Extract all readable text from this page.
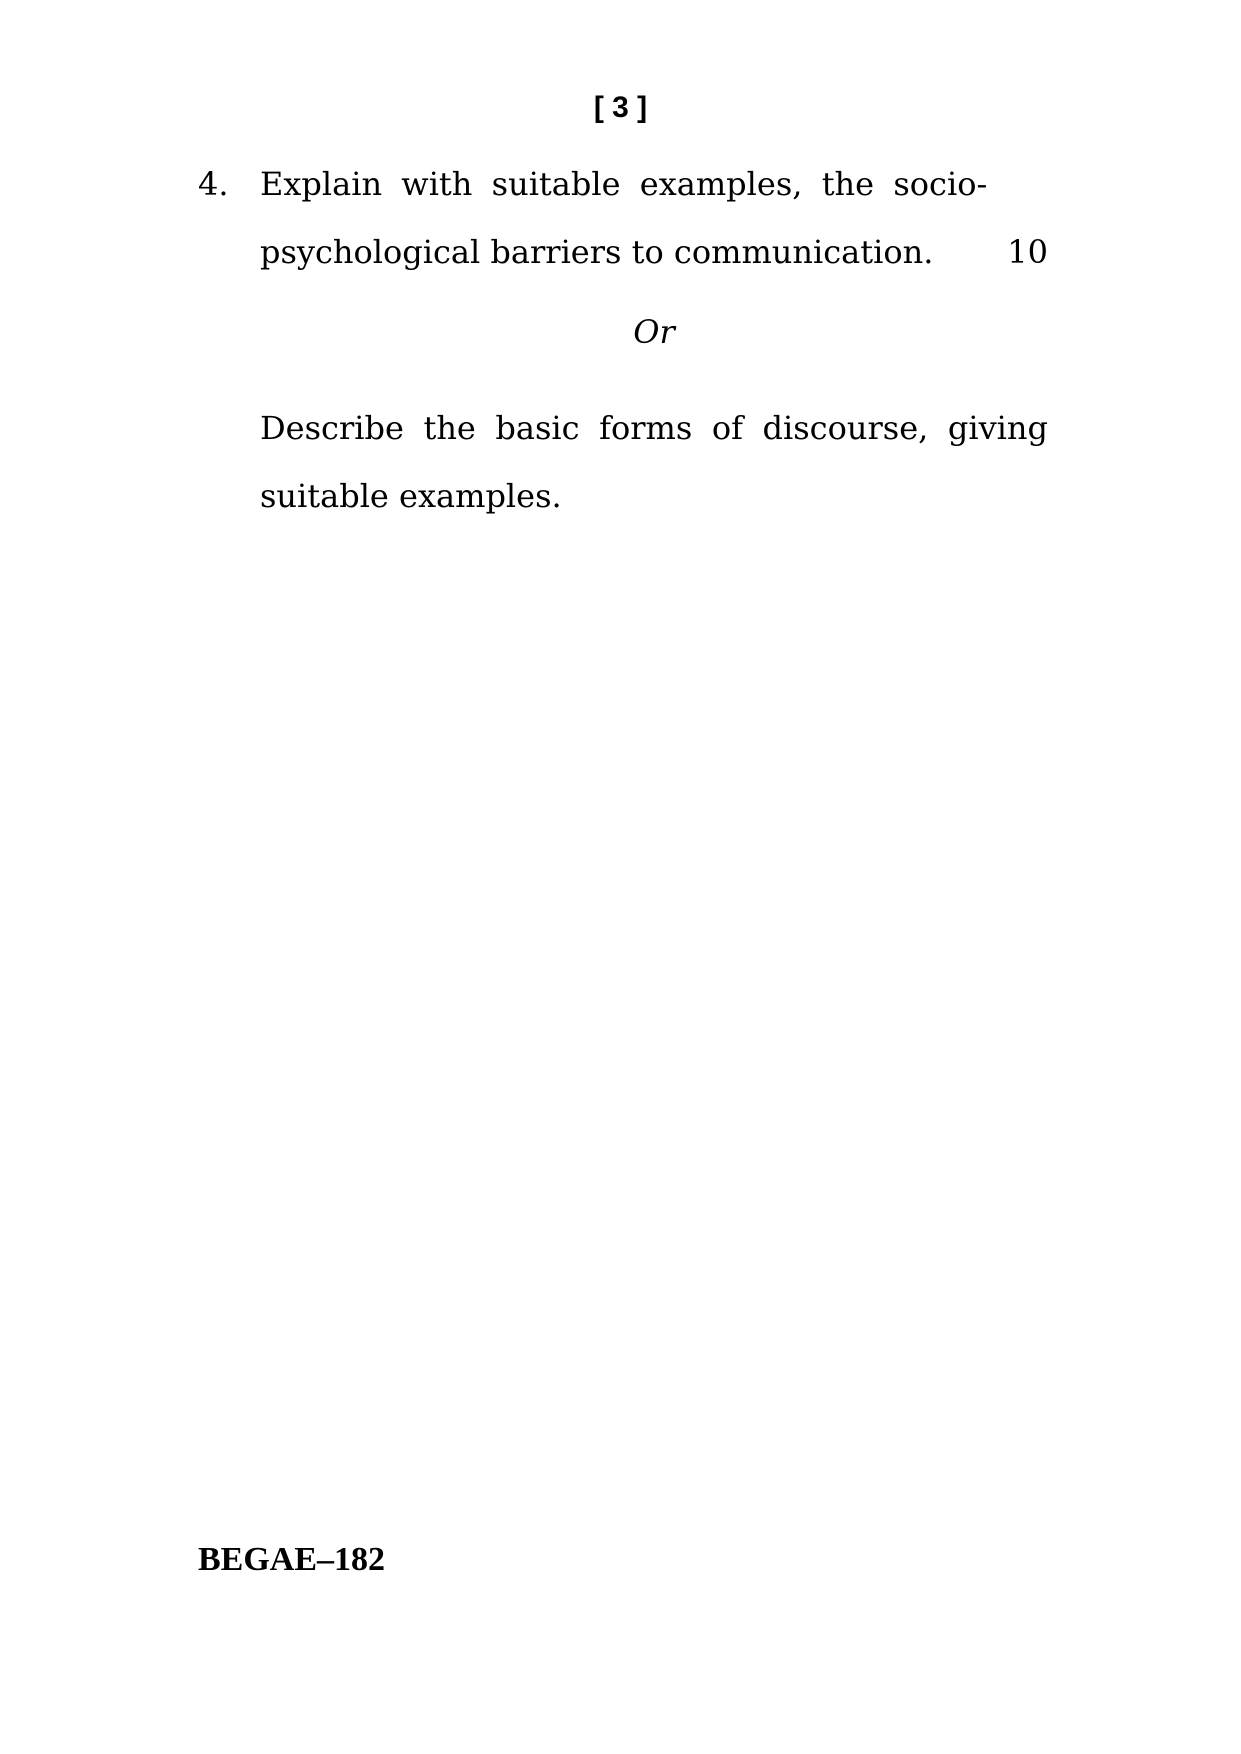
[ 3 ]
4.
10
Explain with suitable examples, the socio-psychological barriers to communication.
Or
Describe the basic forms of discourse, giving suitable examples.
BEGAE–182
